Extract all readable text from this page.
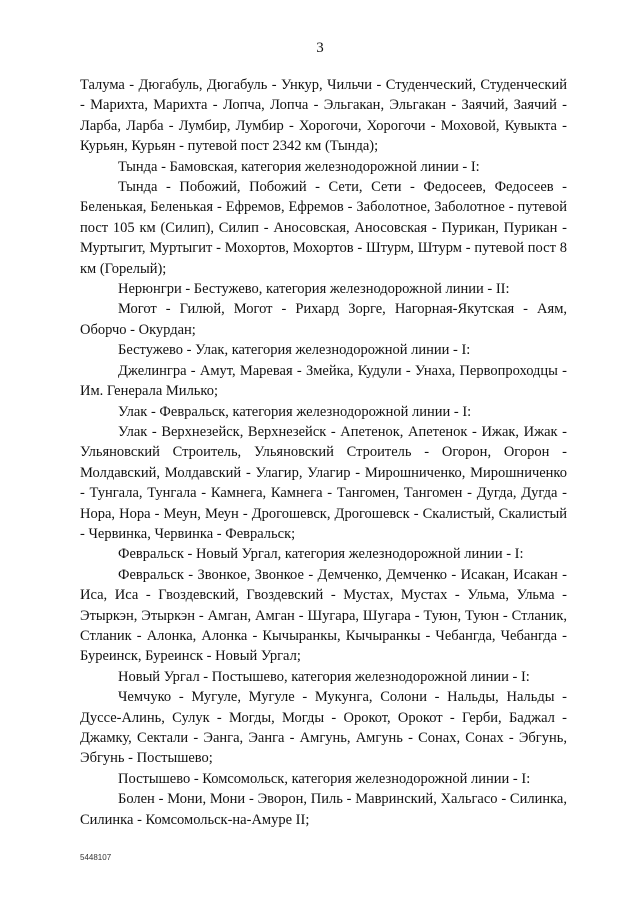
3

Талума - Дюгабуль, Дюгабуль - Ункур, Чильчи - Студенческий, Студенческий - Марихта, Марихта - Лопча, Лопча - Эльгакан, Эльгакан - Заячий, Заячий - Ларба, Ларба - Лумбир, Лумбир - Хорогочи, Хорогочи - Моховой, Кувыкта - Курьян, Курьян - путевой пост 2342 км (Тында);

Тында - Бамовская, категория железнодорожной линии - I:

Тында - Побожий, Побожий - Сети, Сети - Федосеев, Федосеев - Беленькая, Беленькая - Ефремов, Ефремов - Заболотное, Заболотное - путевой пост 105 км (Силип), Силип - Аносовская, Аносовская - Пурикан, Пурикан - Муртыгит, Муртыгит - Мохортов, Мохортов - Штурм, Штурм - путевой пост 8 км (Горелый);

Нерюнгри - Бестужево, категория железнодорожной линии - II:

Могот - Гилюй, Могот - Рихард Зорге, Нагорная-Якутская - Аям, Оборчо - Окурдан;

Бестужево - Улак, категория железнодорожной линии - I:

Джелингра - Амут, Маревая - Змейка, Кудули - Унаха, Первопроходцы - Им. Генерала Милько;

Улак - Февральск, категория железнодорожной линии - I:

Улак - Верхнезейск, Верхнезейск - Апетенок, Апетенок - Ижак, Ижак - Ульяновский Строитель, Ульяновский Строитель - Огорон, Огорон - Молдавский, Молдавский - Улагир, Улагир - Мирошниченко, Мирошниченко - Тунгала, Тунгала - Камнега, Камнега - Тангомен, Тангомен - Дугда, Дугда - Нора, Нора - Меун, Меун - Дрогошевск, Дрогошевск - Скалистый, Скалистый - Червинка, Червинка - Февральск;

Февральск - Новый Ургал, категория железнодорожной линии - I:

Февральск - Звонкое, Звонкое - Демченко, Демченко - Исакан, Исакан - Иса, Иса - Гвоздевский, Гвоздевский - Мустах, Мустах - Ульма, Ульма - Этыркэн, Этыркэн - Амган, Амган - Шугара, Шугара - Туюн, Туюн - Стланик, Стланик - Алонка, Алонка - Кычыранкы, Кычыранкы - Чебангда, Чебангда - Буреинск, Буреинск - Новый Ургал;

Новый Ургал - Постышево, категория железнодорожной линии - I:

Чемчуко - Мугуле, Мугуле - Мукунга, Солони - Нальды, Нальды - Дуссе-Алинь, Сулук - Могды, Могды - Орокот, Орокот - Герби, Баджал - Джамку, Сектали - Эанга, Эанга - Амгунь, Амгунь - Сонах, Сонах - Эбгунь, Эбгунь - Постышево;

Постышево - Комсомольск, категория железнодорожной линии - I:

Болен - Мони, Мони - Эворон, Пиль - Мавринский, Хальгасо - Силинка, Силинка - Комсомольск-на-Амуре II;

5448107
